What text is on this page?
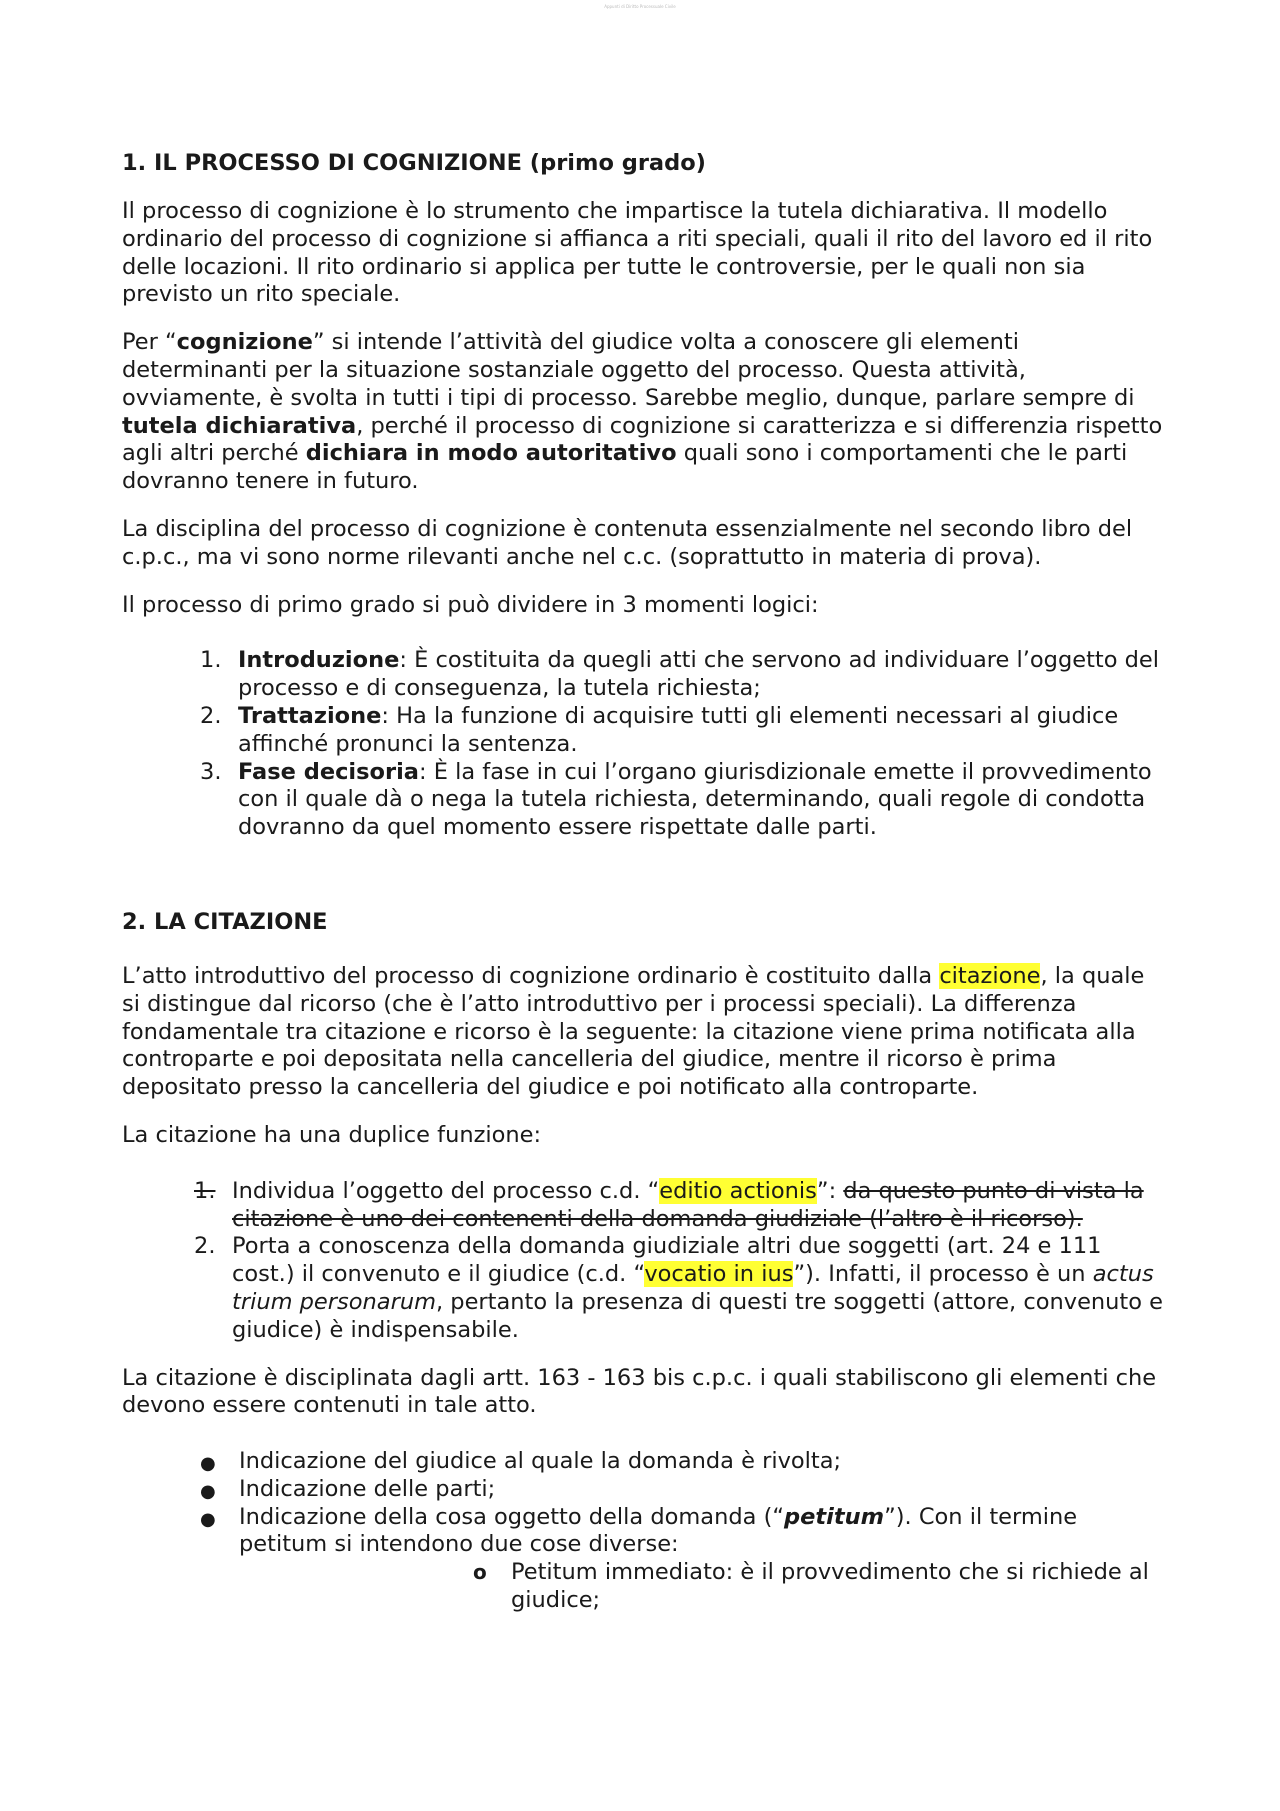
Appunti di Diritto Processuale Civile
1. IL PROCESSO DI COGNIZIONE (primo grado)

Il processo di cognizione è lo strumento che impartisce la tutela dichiarativa. Il modello ordinario del processo di cognizione si affianca a riti speciali, quali il rito del lavoro ed il rito delle locazioni. Il rito ordinario si applica per tutte le controversie, per le quali non sia previsto un rito speciale.

Per “cognizione” si intende l’attività del giudice volta a conoscere gli elementi determinanti per la situazione sostanziale oggetto del processo. Questa attività, ovviamente, è svolta in tutti i tipi di processo. Sarebbe meglio, dunque, parlare sempre di tutela dichiarativa, perché il processo di cognizione si caratterizza e si differenzia rispetto agli altri perché dichiara in modo autoritativo quali sono i comportamenti che le parti dovranno tenere in futuro.

La disciplina del processo di cognizione è contenuta essenzialmente nel secondo libro del c.p.c., ma vi sono norme rilevanti anche nel c.c. (soprattutto in materia di prova).

Il processo di primo grado si può dividere in 3 momenti logici:

1. Introduzione: È costituita da quegli atti che servono ad individuare l’oggetto del processo e di conseguenza, la tutela richiesta;
2. Trattazione: Ha la funzione di acquisire tutti gli elementi necessari al giudice affinché pronunci la sentenza.
3. Fase decisoria: È la fase in cui l’organo giurisdizionale emette il provvedimento con il quale dà o nega la tutela richiesta, determinando, quali regole di condotta dovranno da quel momento essere rispettate dalle parti.
2. LA CITAZIONE

L’atto introduttivo del processo di cognizione ordinario è costituito dalla citazione, la quale si distingue dal ricorso (che è l’atto introduttivo per i processi speciali). La differenza fondamentale tra citazione e ricorso è la seguente: la citazione viene prima notificata alla controparte e poi depositata nella cancelleria del giudice, mentre il ricorso è prima depositato presso la cancelleria del giudice e poi notificato alla controparte.

La citazione ha una duplice funzione:

1. Individua l’oggetto del processo c.d. “editio actionis”: da questo punto di vista la citazione è uno dei contenenti della domanda giudiziale (l’altro è il ricorso).
2. Porta a conoscenza della domanda giudiziale altri due soggetti (art. 24 e 111 cost.) il convenuto e il giudice (c.d. “vocatio in ius”). Infatti, il processo è un actus trium personarum, pertanto la presenza di questi tre soggetti (attore, convenuto e giudice) è indispensabile.

La citazione è disciplinata dagli artt. 163 - 163 bis c.p.c. i quali stabiliscono gli elementi che devono essere contenuti in tale atto.

● Indicazione del giudice al quale la domanda è rivolta;
● Indicazione delle parti;
● Indicazione della cosa oggetto della domanda (“petitum”). Con il termine petitum si intendono due cose diverse:
o Petitum immediato: è il provvedimento che si richiede al giudice;
